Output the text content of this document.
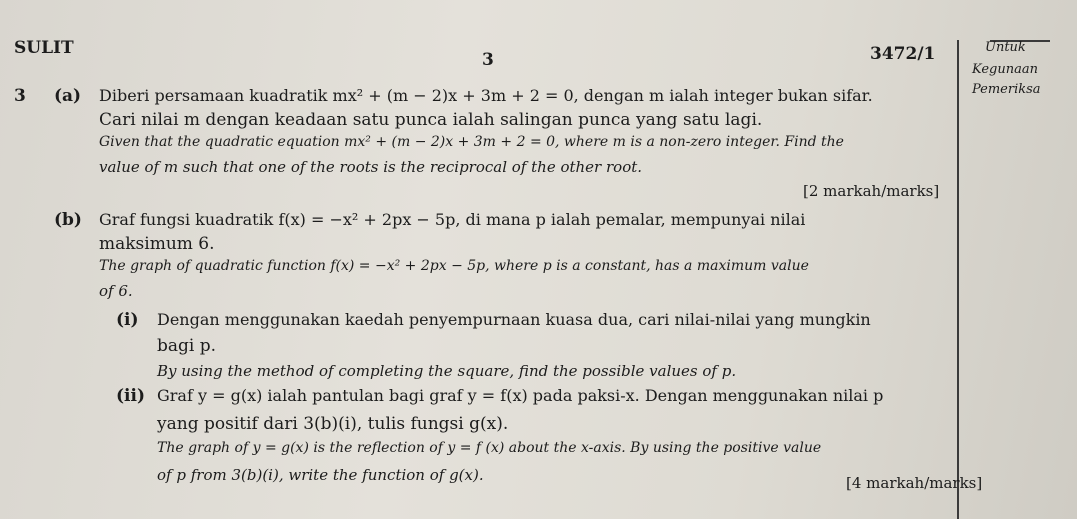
SULIT
3	3472/1	Untuk
Kegunaan
Pemeriksa
3 (a) Diberi persamaan kuadratik mx² + (m − 2)x + 3m + 2 = 0, dengan m ialah integer bukan sifar.
Cari nilai m dengan keadaan satu punca ialah salingan punca yang satu lagi.
Given that the quadratic equation mx² + (m − 2)x + 3m + 2 = 0, where m is a non-zero integer. Find the
value of m such that one of the roots is the reciprocal of the other root.
[2 markah/marks]
(b) Graf fungsi kuadratik f(x) = −x² + 2px − 5p, di mana p ialah pemalar, mempunyai nilai
maksimum 6.
The graph of quadratic function f(x) = −x² + 2px − 5p, where p is a constant, has a maximum value
of 6.
(i) Dengan menggunakan kaedah penyempurnaan kuasa dua, cari nilai-nilai yang mungkin
bagi p.
By using the method of completing the square, find the possible values of p.
(ii) Graf y = g(x) ialah pantulan bagi graf y = f(x) pada paksi-x. Dengan menggunakan nilai p
yang positif dari 3(b)(i), tulis fungsi g(x).
The graph of y = g(x) is the reflection of y = f (x) about the x-axis. By using the positive value
of p from 3(b)(i), write the function of g(x).	[4 markah/marks]
